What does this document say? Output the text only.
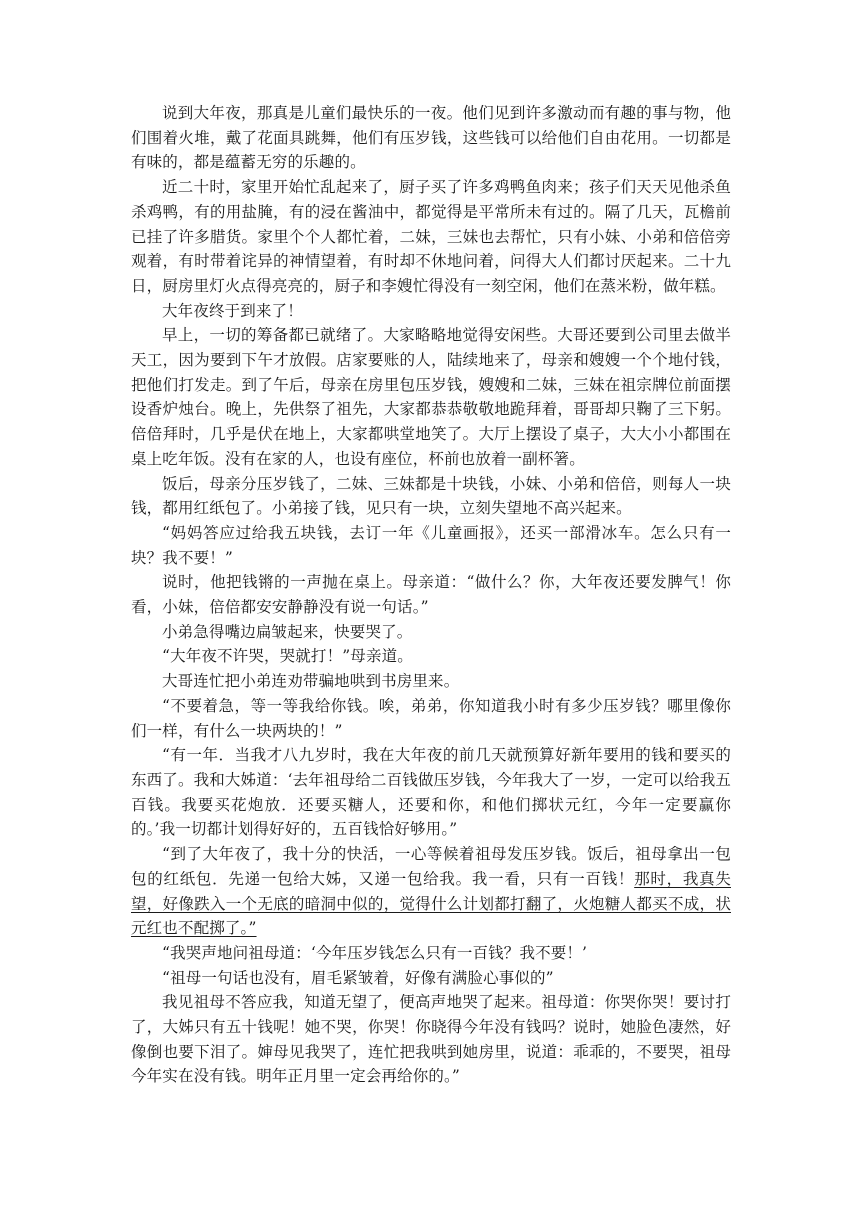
说到大年夜，那真是儿童们最快乐的一夜。他们见到许多激动而有趣的事与物，他们围着火堆，戴了花面具跳舞，他们有压岁钱，这些钱可以给他们自由花用。一切都是有味的，都是蕴蓄无穷的乐趣的。

近二十时，家里开始忙乱起来了，厨子买了许多鸡鸭鱼肉来；孩子们天天见他杀鱼杀鸡鸭，有的用盐腌，有的浸在酱油中，都觉得是平常所未有过的。隔了几天，瓦檐前已挂了许多腊货。家里个个人都忙着，二妹，三妹也去帮忙，只有小妹、小弟和倍倍旁观着，有时带着诧异的神情望着，有时却不休地问着，问得大人们都讨厌起来。二十九日，厨房里灯火点得亮亮的，厨子和李嫂忙得没有一刻空闲，他们在蒸米粉，做年糕。

大年夜终于到来了！

早上，一切的筹备都已就绪了。大家略略地觉得安闲些。大哥还要到公司里去做半天工，因为要到下午才放假。店家要账的人，陆续地来了，母亲和嫂嫂一个个地付钱，把他们打发走。到了午后，母亲在房里包压岁钱，嫂嫂和二妹，三妹在祖宗牌位前面摆设香炉烛台。晚上，先供祭了祖先，大家都恭恭敬敬地跪拜着，哥哥却只鞠了三下躬。倍倍拜时，几乎是伏在地上，大家都哄堂地笑了。大厅上摆设了桌子，大大小小都围在桌上吃年饭。没有在家的人，也设有座位，杯前也放着一副杯箸。

饭后，母亲分压岁钱了，二妹、三妹都是十块钱，小妹、小弟和倍倍，则每人一块钱，都用红纸包了。小弟接了钱，见只有一块，立刻失望地不高兴起来。

“妈妈答应过给我五块钱，去订一年《儿童画报》，还买一部滑冰车。怎么只有一块？我不要！”

说时，他把钱锵的一声抛在桌上。母亲道：“做什么？你，大年夜还要发脾气！你看，小妹，倍倍都安安静静没有说一句话。”

小弟急得嘴边扁皱起来，快要哭了。

“大年夜不许哭，哭就打！”母亲道。

大哥连忙把小弟连劝带骗地哄到书房里来。

“不要着急，等一等我给你钱。唉，弟弟，你知道我小时有多少压岁钱？哪里像你们一样，有什么一块两块的！”

“有一年．当我才八九岁时，我在大年夜的前几天就预算好新年要用的钱和要买的东西了。我和大姊道：‘去年祖母给二百钱做压岁钱，今年我大了一岁，一定可以给我五百钱。我要买花炮放．还要买糖人，还要和你，和他们掷状元红，今年一定要赢你的。’我一切都计划得好好的，五百钱恰好够用。”

“到了大年夜了，我十分的快活，一心等候着祖母发压岁钱。饭后，祖母拿出一包包的红纸包．先递一包给大姊，又递一包给我。我一看，只有一百钱！那时，我真失望，好像跌入一个无底的暗洞中似的，觉得什么计划都打翻了，火炮糖人都买不成，状元红也不配掷了。”

“我哭声地问祖母道：‘今年压岁钱怎么只有一百钱？我不要！’

“祖母一句话也没有，眉毛紧皱着，好像有满脸心事似的”

我见祖母不答应我，知道无望了，便高声地哭了起来。祖母道：你哭你哭！要讨打了，大姊只有五十钱呢！她不哭，你哭！你晓得今年没有钱吗？说时，她脸色凄然，好像倒也要下泪了。婶母见我哭了，连忙把我哄到她房里，说道：乖乖的，不要哭，祖母今年实在没有钱。明年正月里一定会再给你的。”
